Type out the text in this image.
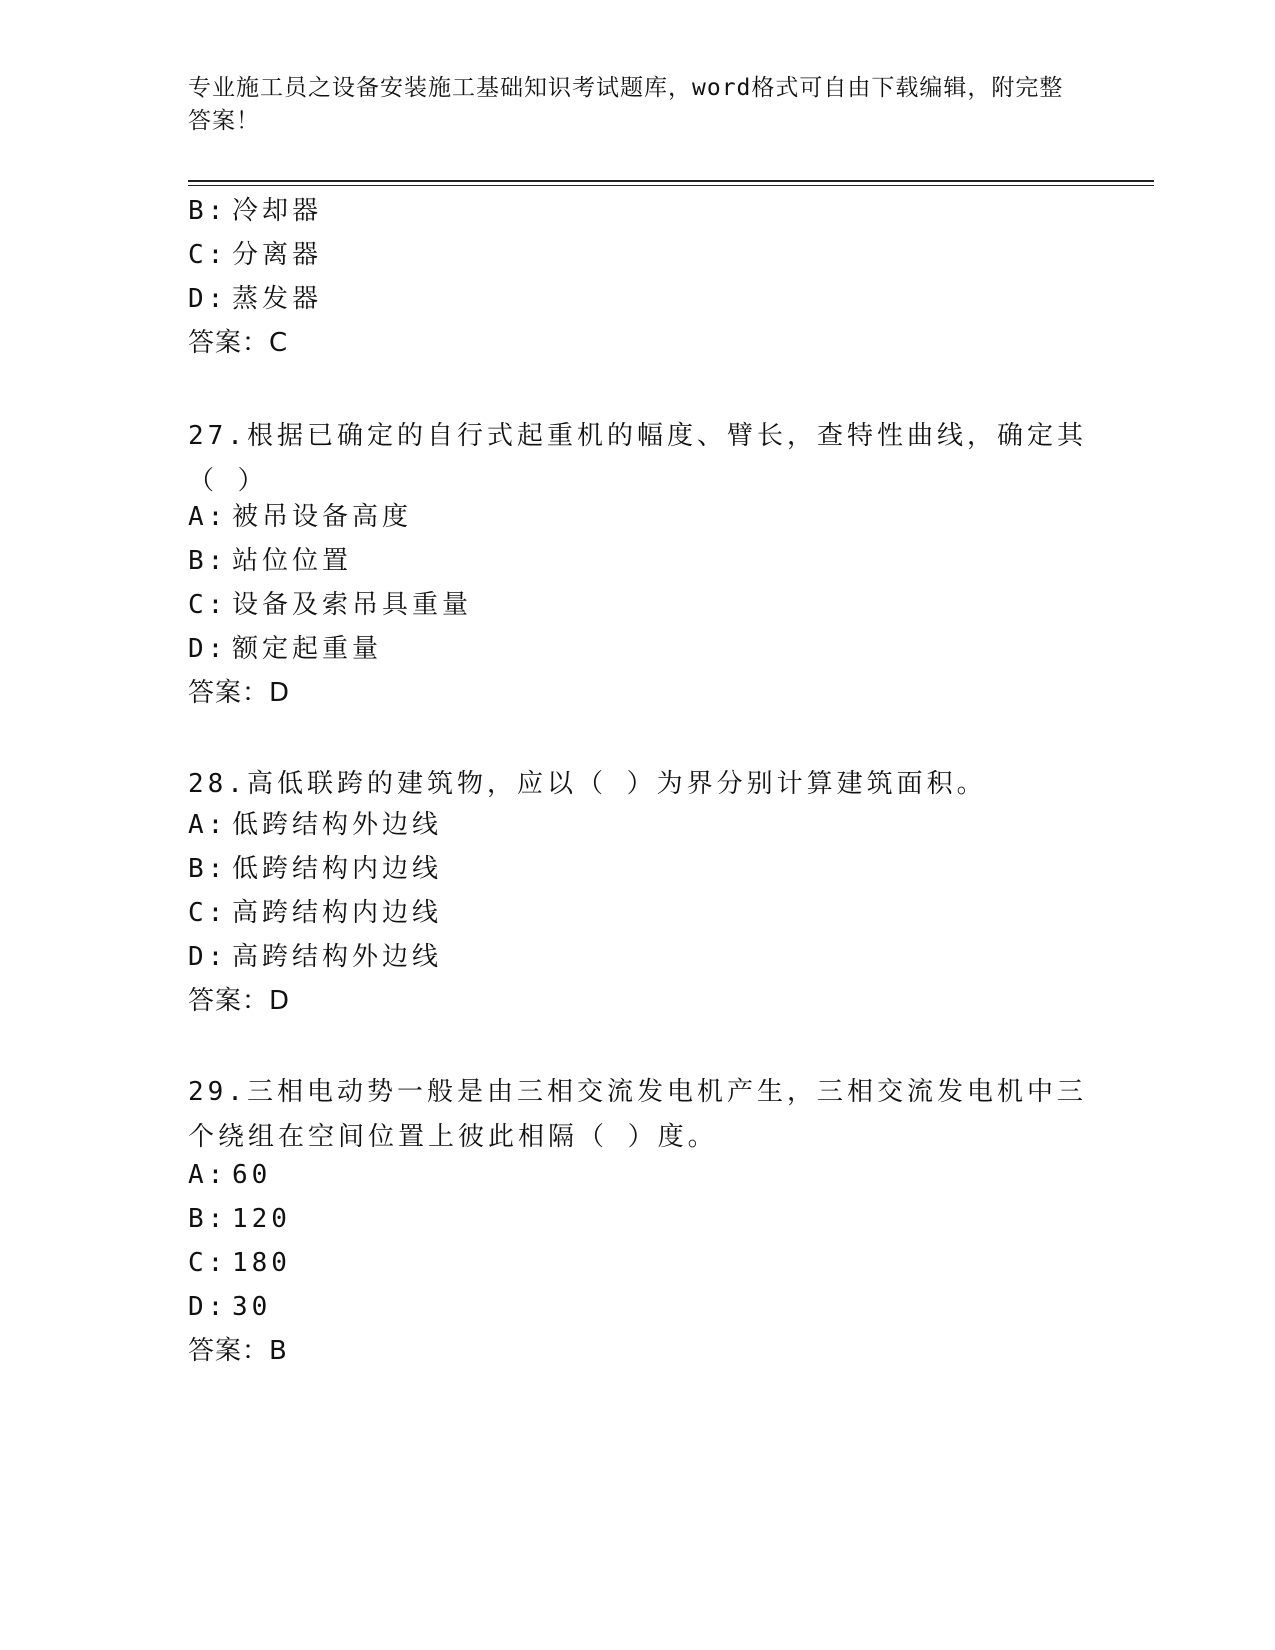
专业施工员之设备安装施工基础知识考试题库，word格式可自由下载编辑，附完整答案！
B: 冷却器
C: 分离器
D: 蒸发器
答案：C
27.根据已确定的自行式起重机的幅度、臂长，查特性曲线，确定其（ ）
A: 被吊设备高度
B: 站位位置
C: 设备及索吊具重量
D: 额定起重量
答案：D
28.高低联跨的建筑物，应以（ ）为界分别计算建筑面积。
A: 低跨结构外边线
B: 低跨结构内边线
C: 高跨结构内边线
D: 高跨结构外边线
答案：D
29.三相电动势一般是由三相交流发电机产生，三相交流发电机中三个绕组在空间位置上彼此相隔（ ）度。
A: 60
B: 120
C: 180
D: 30
答案：B
